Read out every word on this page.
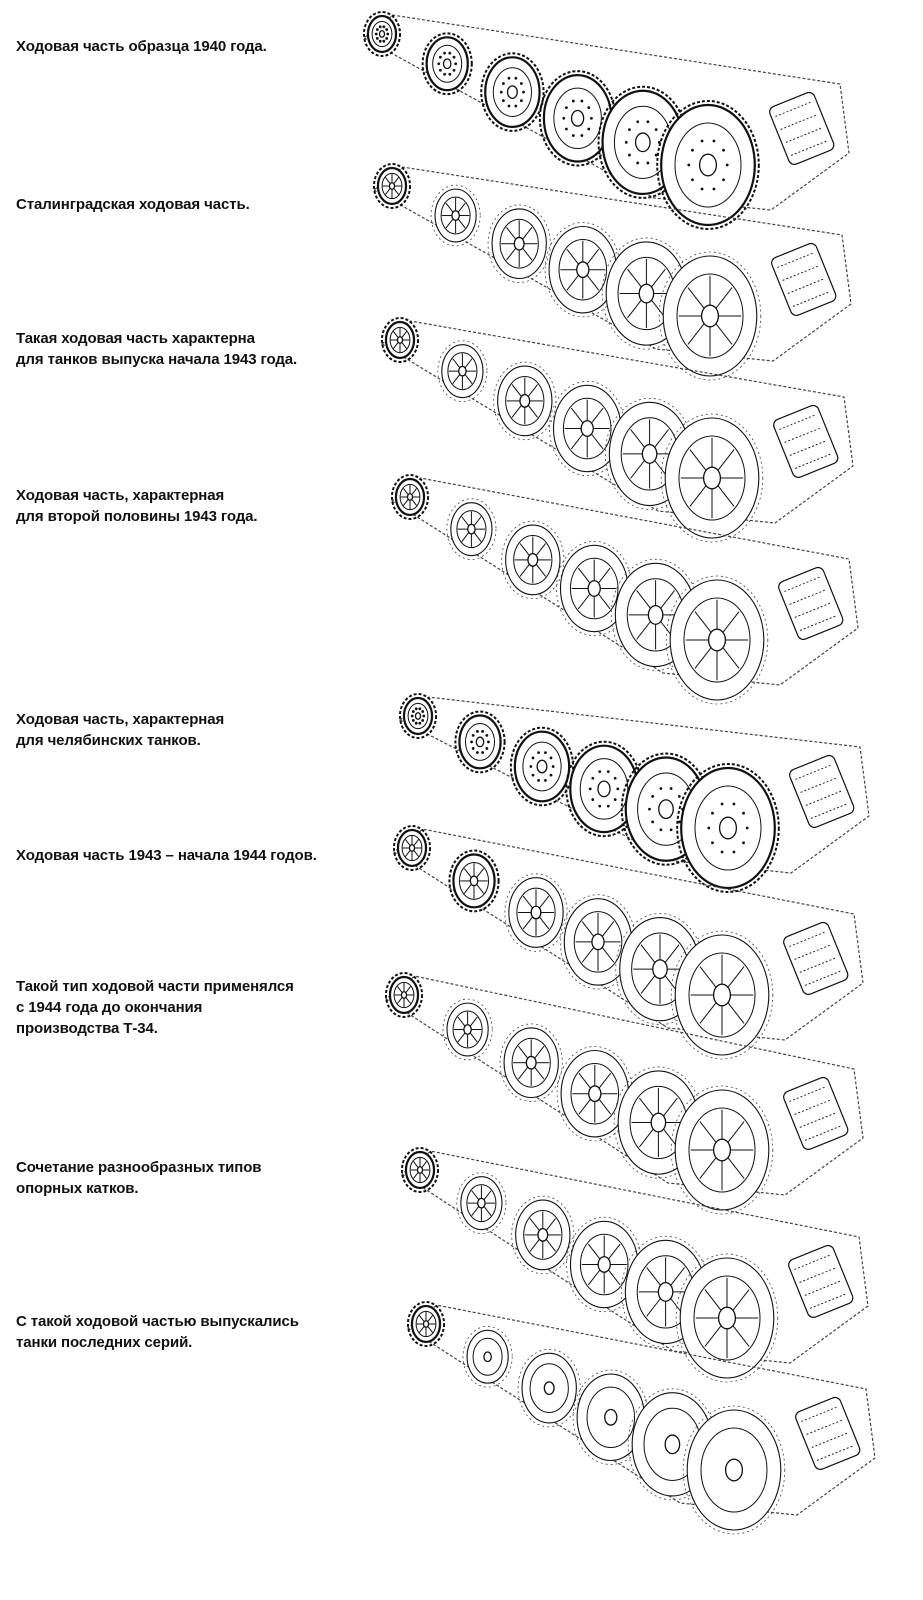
Ходовая часть образца 1940 года.
Сталинградская ходовая часть.
Такая ходовая часть характерна
для танков выпуска начала 1943 года.
Ходовая часть, характерная
для второй половины 1943 года.
Ходовая часть, характерная
для челябинских танков.
Ходовая часть 1943 – начала 1944 годов.
Такой тип ходовой части применялся
с 1944 года до окончания
производства Т-34.
Сочетание разнообразных типов
опорных катков.
С такой ходовой частью выпускались
танки последних серий.
